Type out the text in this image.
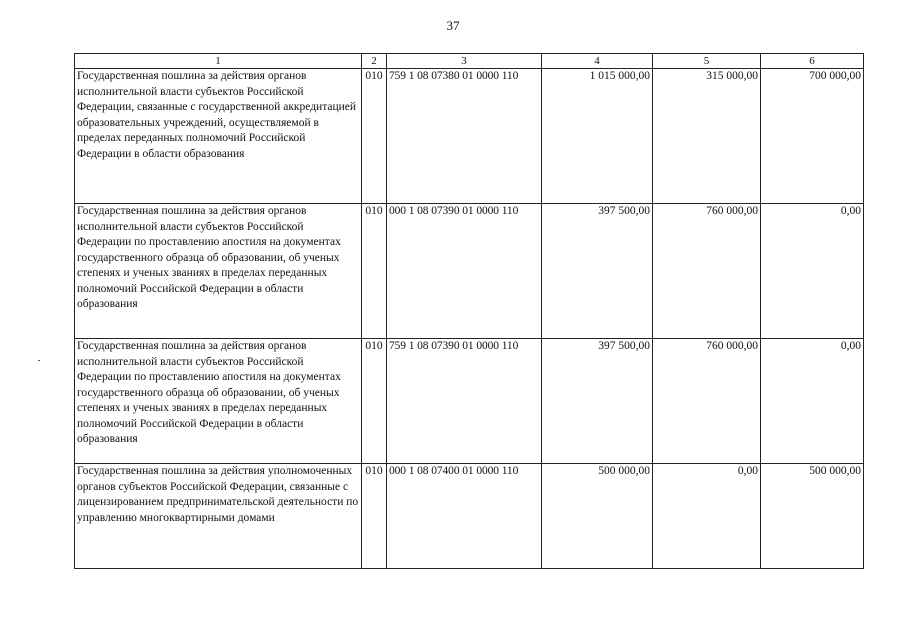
37
1	2	3	4	5	6
Государственная пошлина за действия органов исполнительной власти субъектов Российской Федерации, связанные с государственной аккредитацией образовательных учреждений, осуществляемой в пределах переданных полномочий Российской Федерации в области образования	010	759 1 08 07380 01 0000 110	1 015 000,00	315 000,00	700 000,00
Государственная пошлина за действия органов исполнительной власти субъектов Российской Федерации по проставлению апостиля на документах государственного образца об образовании, об ученых степенях и ученых званиях в пределах переданных полномочий Российской Федерации в области образования	010	000 1 08 07390 01 0000 110	397 500,00	760 000,00	0,00
Государственная пошлина за действия органов исполнительной власти субъектов Российской Федерации по проставлению апостиля на документах государственного образца об образовании, об ученых степенях и ученых званиях в пределах переданных полномочий Российской Федерации в области образования	010	759 1 08 07390 01 0000 110	397 500,00	760 000,00	0,00
Государственная пошлина за действия уполномоченных органов субъектов Российской Федерации, связанные с лицензированием предпринимательской деятельности по управлению многоквартирными домами	010	000 1 08 07400 01 0000 110	500 000,00	0,00	500 000,00
